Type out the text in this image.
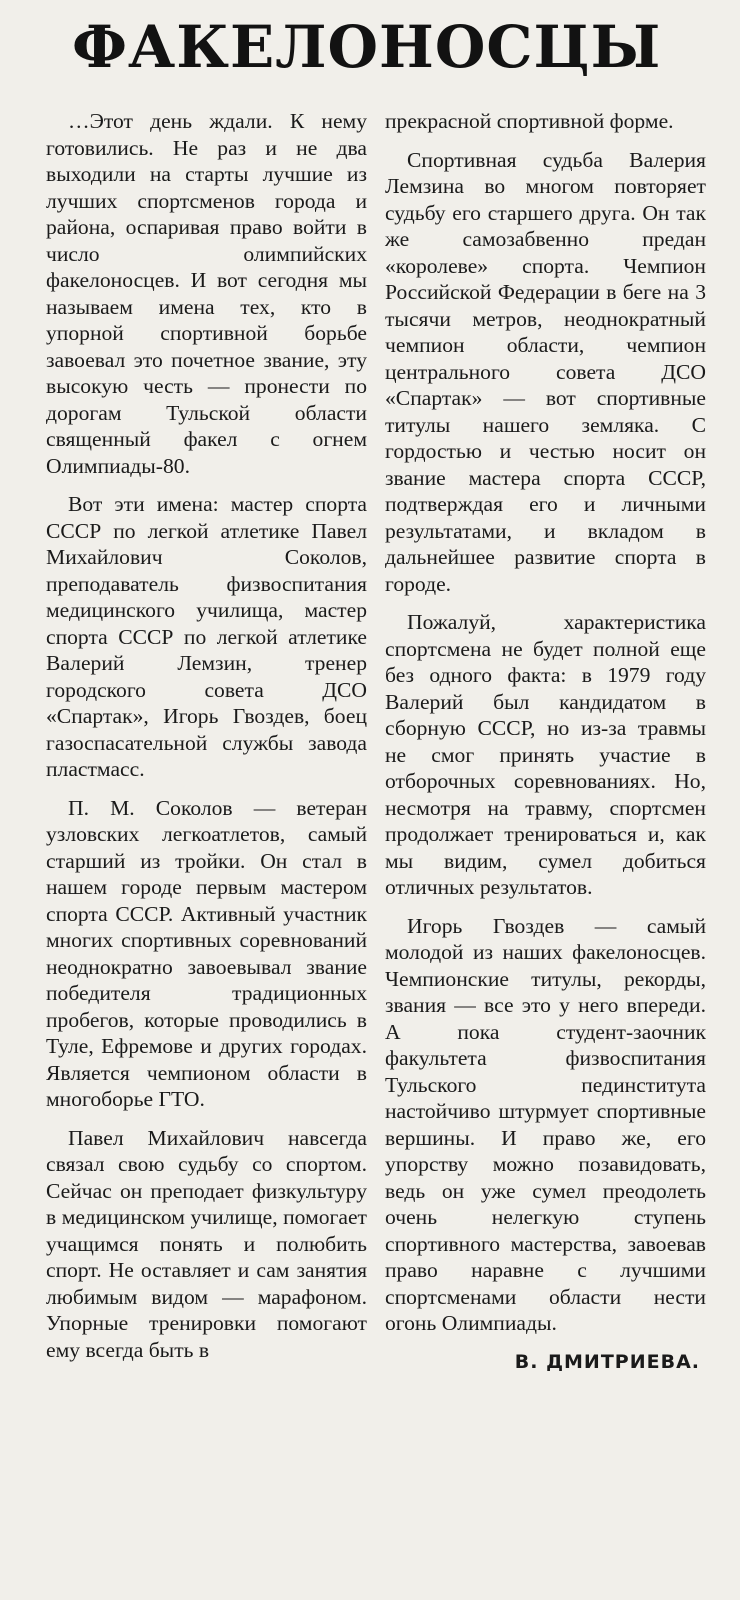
ФАКЕЛОНОСЦЫ

…Этот день ждали. К нему готовились. Не раз и не два выходили на старты лучшие из лучших спортсменов города и района, оспаривая право войти в число олимпийских факелоносцев. И вот сегодня мы называем имена тех, кто в упорной спортивной борьбе завоевал это почетное звание, эту высокую честь — пронести по дорогам Тульской области священный факел с огнем Олимпиады-80.

Вот эти имена: мастер спорта СССР по легкой атлетике Павел Михайлович Соколов, преподаватель физвоспитания медицинского училища, мастер спорта СССР по легкой атлетике Валерий Лемзин, тренер городского совета ДСО «Спартак», Игорь Гвоздев, боец газоспасательной службы завода пластмасс.

П. М. Соколов — ветеран узловских легкоатлетов, самый старший из тройки. Он стал в нашем городе первым мастером спорта СССР. Активный участник многих спортивных соревнований неоднократно завоевывал звание победителя традиционных пробегов, которые проводились в Туле, Ефремове и других городах. Является чемпионом области в многоборье ГТО.

Павел Михайлович навсегда связал свою судьбу со спортом. Сейчас он преподает физкультуру в медицинском училище, помогает учащимся понять и полюбить спорт. Не оставляет и сам занятия любимым видом — марафоном. Упорные тренировки помогают ему всегда быть в

прекрасной спортивной форме.

Спортивная судьба Валерия Лемзина во многом повторяет судьбу его старшего друга. Он так же самозабвенно предан «королеве» спорта. Чемпион Российской Федерации в беге на 3 тысячи метров, неоднократный чемпион области, чемпион центрального совета ДСО «Спартак» — вот спортивные титулы нашего земляка. С гордостью и честью носит он звание мастера спорта СССР, подтверждая его и личными результатами, и вкладом в дальнейшее развитие спорта в городе.

Пожалуй, характеристика спортсмена не будет полной еще без одного факта: в 1979 году Валерий был кандидатом в сборную СССР, но из-за травмы не смог принять участие в отборочных соревнованиях. Но, несмотря на травму, спортсмен продолжает тренироваться и, как мы видим, сумел добиться отличных результатов.

Игорь Гвоздев — самый молодой из наших факелоносцев. Чемпионские титулы, рекорды, звания — все это у него впереди. А пока студент-заочник факультета физвоспитания Тульского пединститута настойчиво штурмует спортивные вершины. И право же, его упорству можно позавидовать, ведь он уже сумел преодолеть очень нелегкую ступень спортивного мастерства, завоевав право наравне с лучшими спортсменами области нести огонь Олимпиады.

В. ДМИТРИЕВА.
